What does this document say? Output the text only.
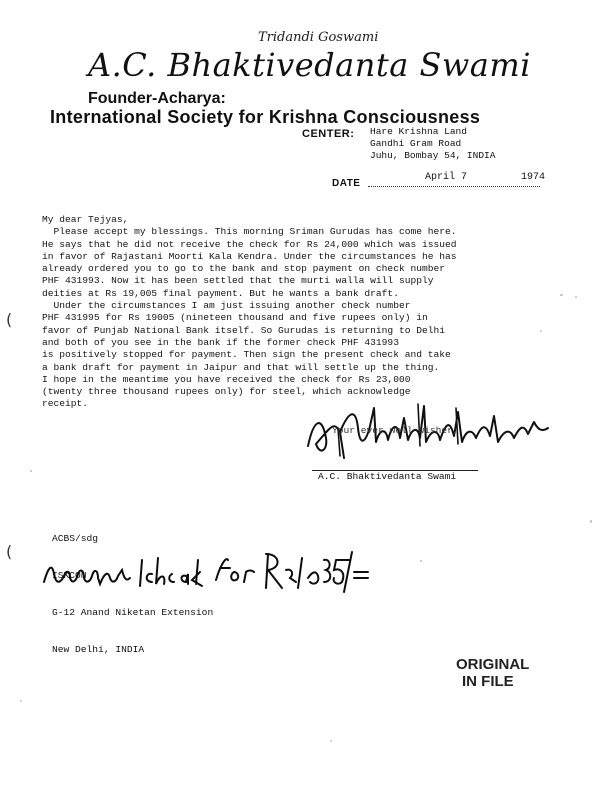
Tridandi Goswami
A.C. Bhaktivedanta Swami
Founder-Acharya:
International Society for Krishna Consciousness
CENTER: Hare Krishna Land
Gandhi Gram Road
Juhu, Bombay 54, INDIA
DATE
April 7	1974
My dear Tejyas,
Please accept my blessings. This morning Sriman Gurudas has come here.
He says that he did not receive the check for Rs 24,000 which was issued
in favor of Rajastani Moorti Kala Kendra. Under the circumstances he has
already ordered you to go to the bank and stop payment on check number
PHF 431993. Now it has been settled that the murti walla will supply
deities at Rs 19,005 final payment. But he wants a bank draft.
Under the circumstances I am just issuing another check number
PHF 431995 for Rs 19005 (nineteen thousand and five rupees only) in
favor of Punjab National Bank itself. So Gurudas is returning to Delhi
and both of you see in the bank if the former check PHF 431993
is positively stopped for payment. Then sign the present check and take
a bank draft for payment in Jaipur and that will settle up the thing.
I hope in the meantime you have received the check for Rs 23,000
(twenty three thousand rupees only) for steel, which acknowledge
receipt.
Your ever well-wisher,
A.C. Bhaktivedanta Swami

ACBS/sdg

ISKCON

G-12 Anand Niketan Extension

New Delhi, INDIA

ORIGINAL
IN FILE
(
(
